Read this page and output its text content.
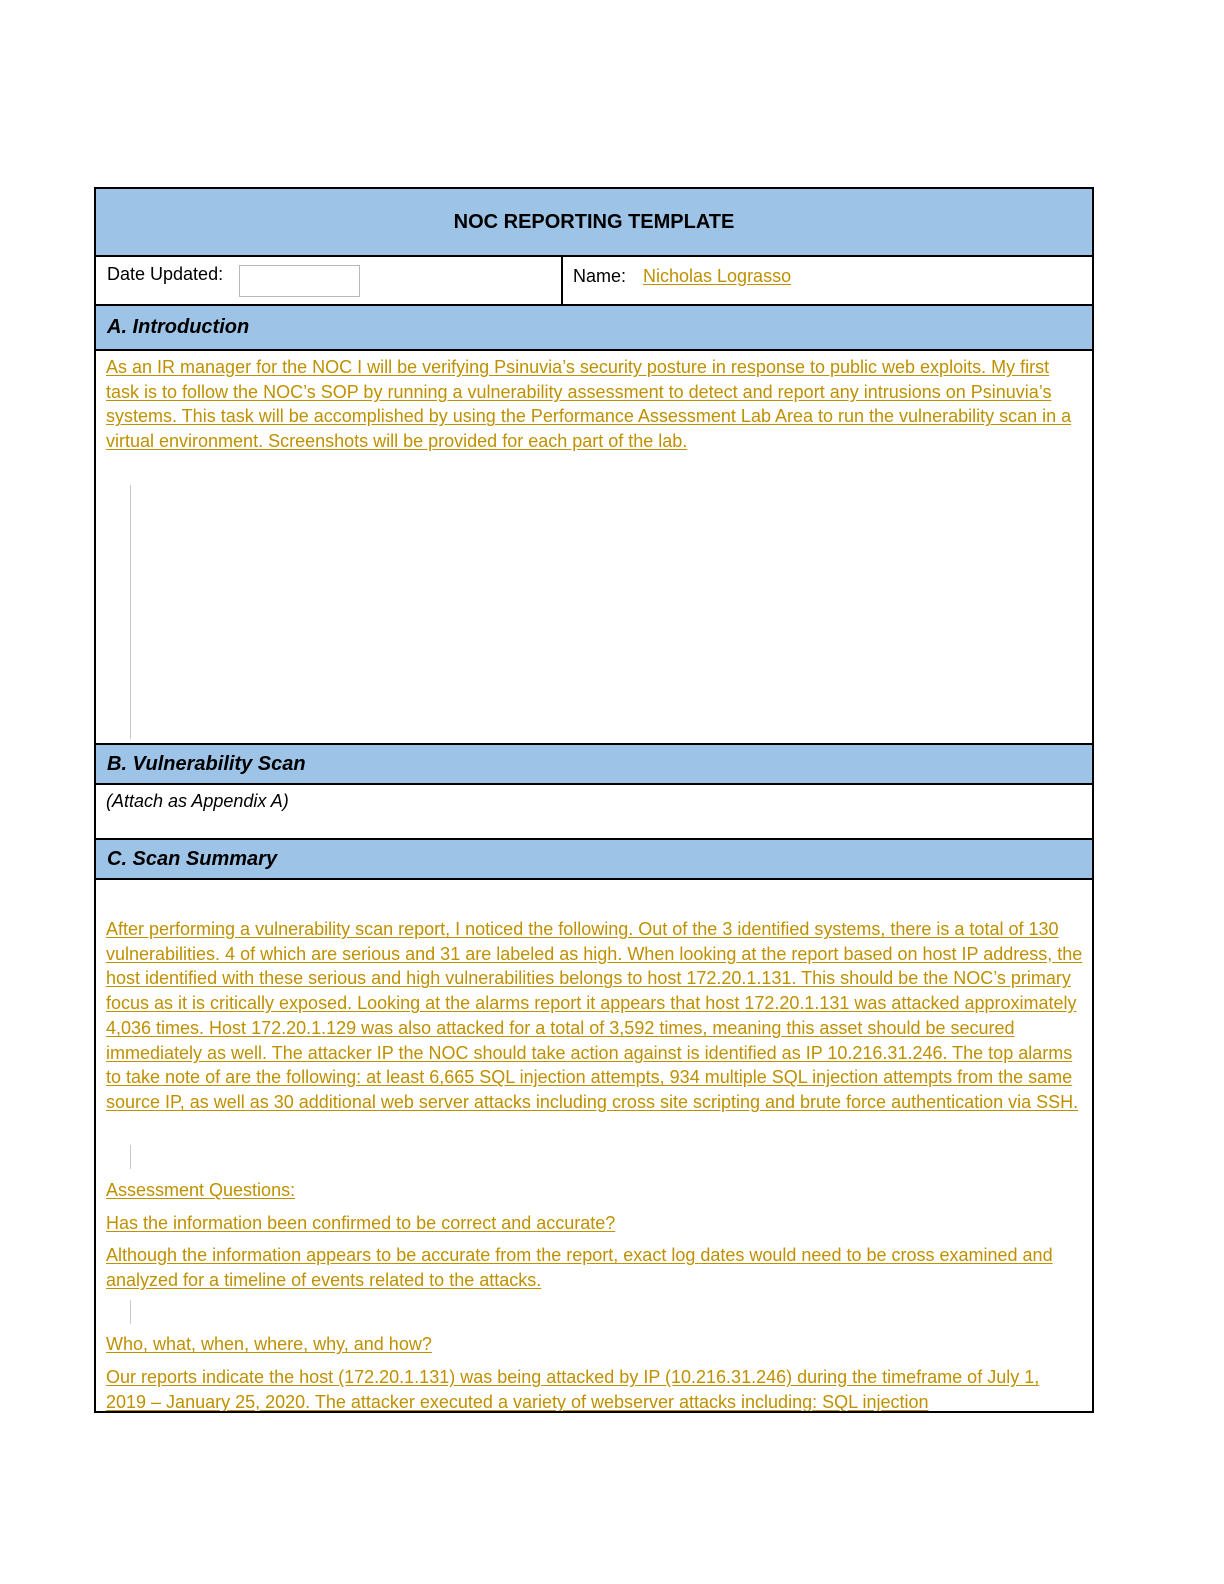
NOC REPORTING TEMPLATE
Date Updated:	Name: Nicholas Lograsso
A. Introduction
As an IR manager for the NOC I will be verifying Psinuvia’s security posture in response to public web exploits. My first task is to follow the NOC’s SOP by running a vulnerability assessment to detect and report any intrusions on Psinuvia’s systems. This task will be accomplished by using the Performance Assessment Lab Area to run the vulnerability scan in a virtual environment. Screenshots will be provided for each part of the lab.
B. Vulnerability Scan
(Attach as Appendix A)
C. Scan Summary
After performing a vulnerability scan report, I noticed the following. Out of the 3 identified systems, there is a total of 130 vulnerabilities. 4 of which are serious and 31 are labeled as high. When looking at the report based on host IP address, the host identified with these serious and high vulnerabilities belongs to host 172.20.1.131. This should be the NOC’s primary focus as it is critically exposed. Looking at the alarms report it appears that host 172.20.1.131 was attacked approximately 4,036 times. Host 172.20.1.129 was also attacked for a total of 3,592 times, meaning this asset should be secured immediately as well. The attacker IP the NOC should take action against is identified as IP 10.216.31.246. The top alarms to take note of are the following: at least 6,665 SQL injection attempts, 934 multiple SQL injection attempts from the same source IP, as well as 30 additional web server attacks including cross site scripting and brute force authentication via SSH.
Assessment Questions:
Has the information been confirmed to be correct and accurate?
Although the information appears to be accurate from the report, exact log dates would need to be cross examined and analyzed for a timeline of events related to the attacks.
Who, what, when, where, why, and how?
Our reports indicate the host (172.20.1.131) was being attacked by IP (10.216.31.246) during the timeframe of July 1, 2019 – January 25, 2020. The attacker executed a variety of webserver attacks including: SQL injection
